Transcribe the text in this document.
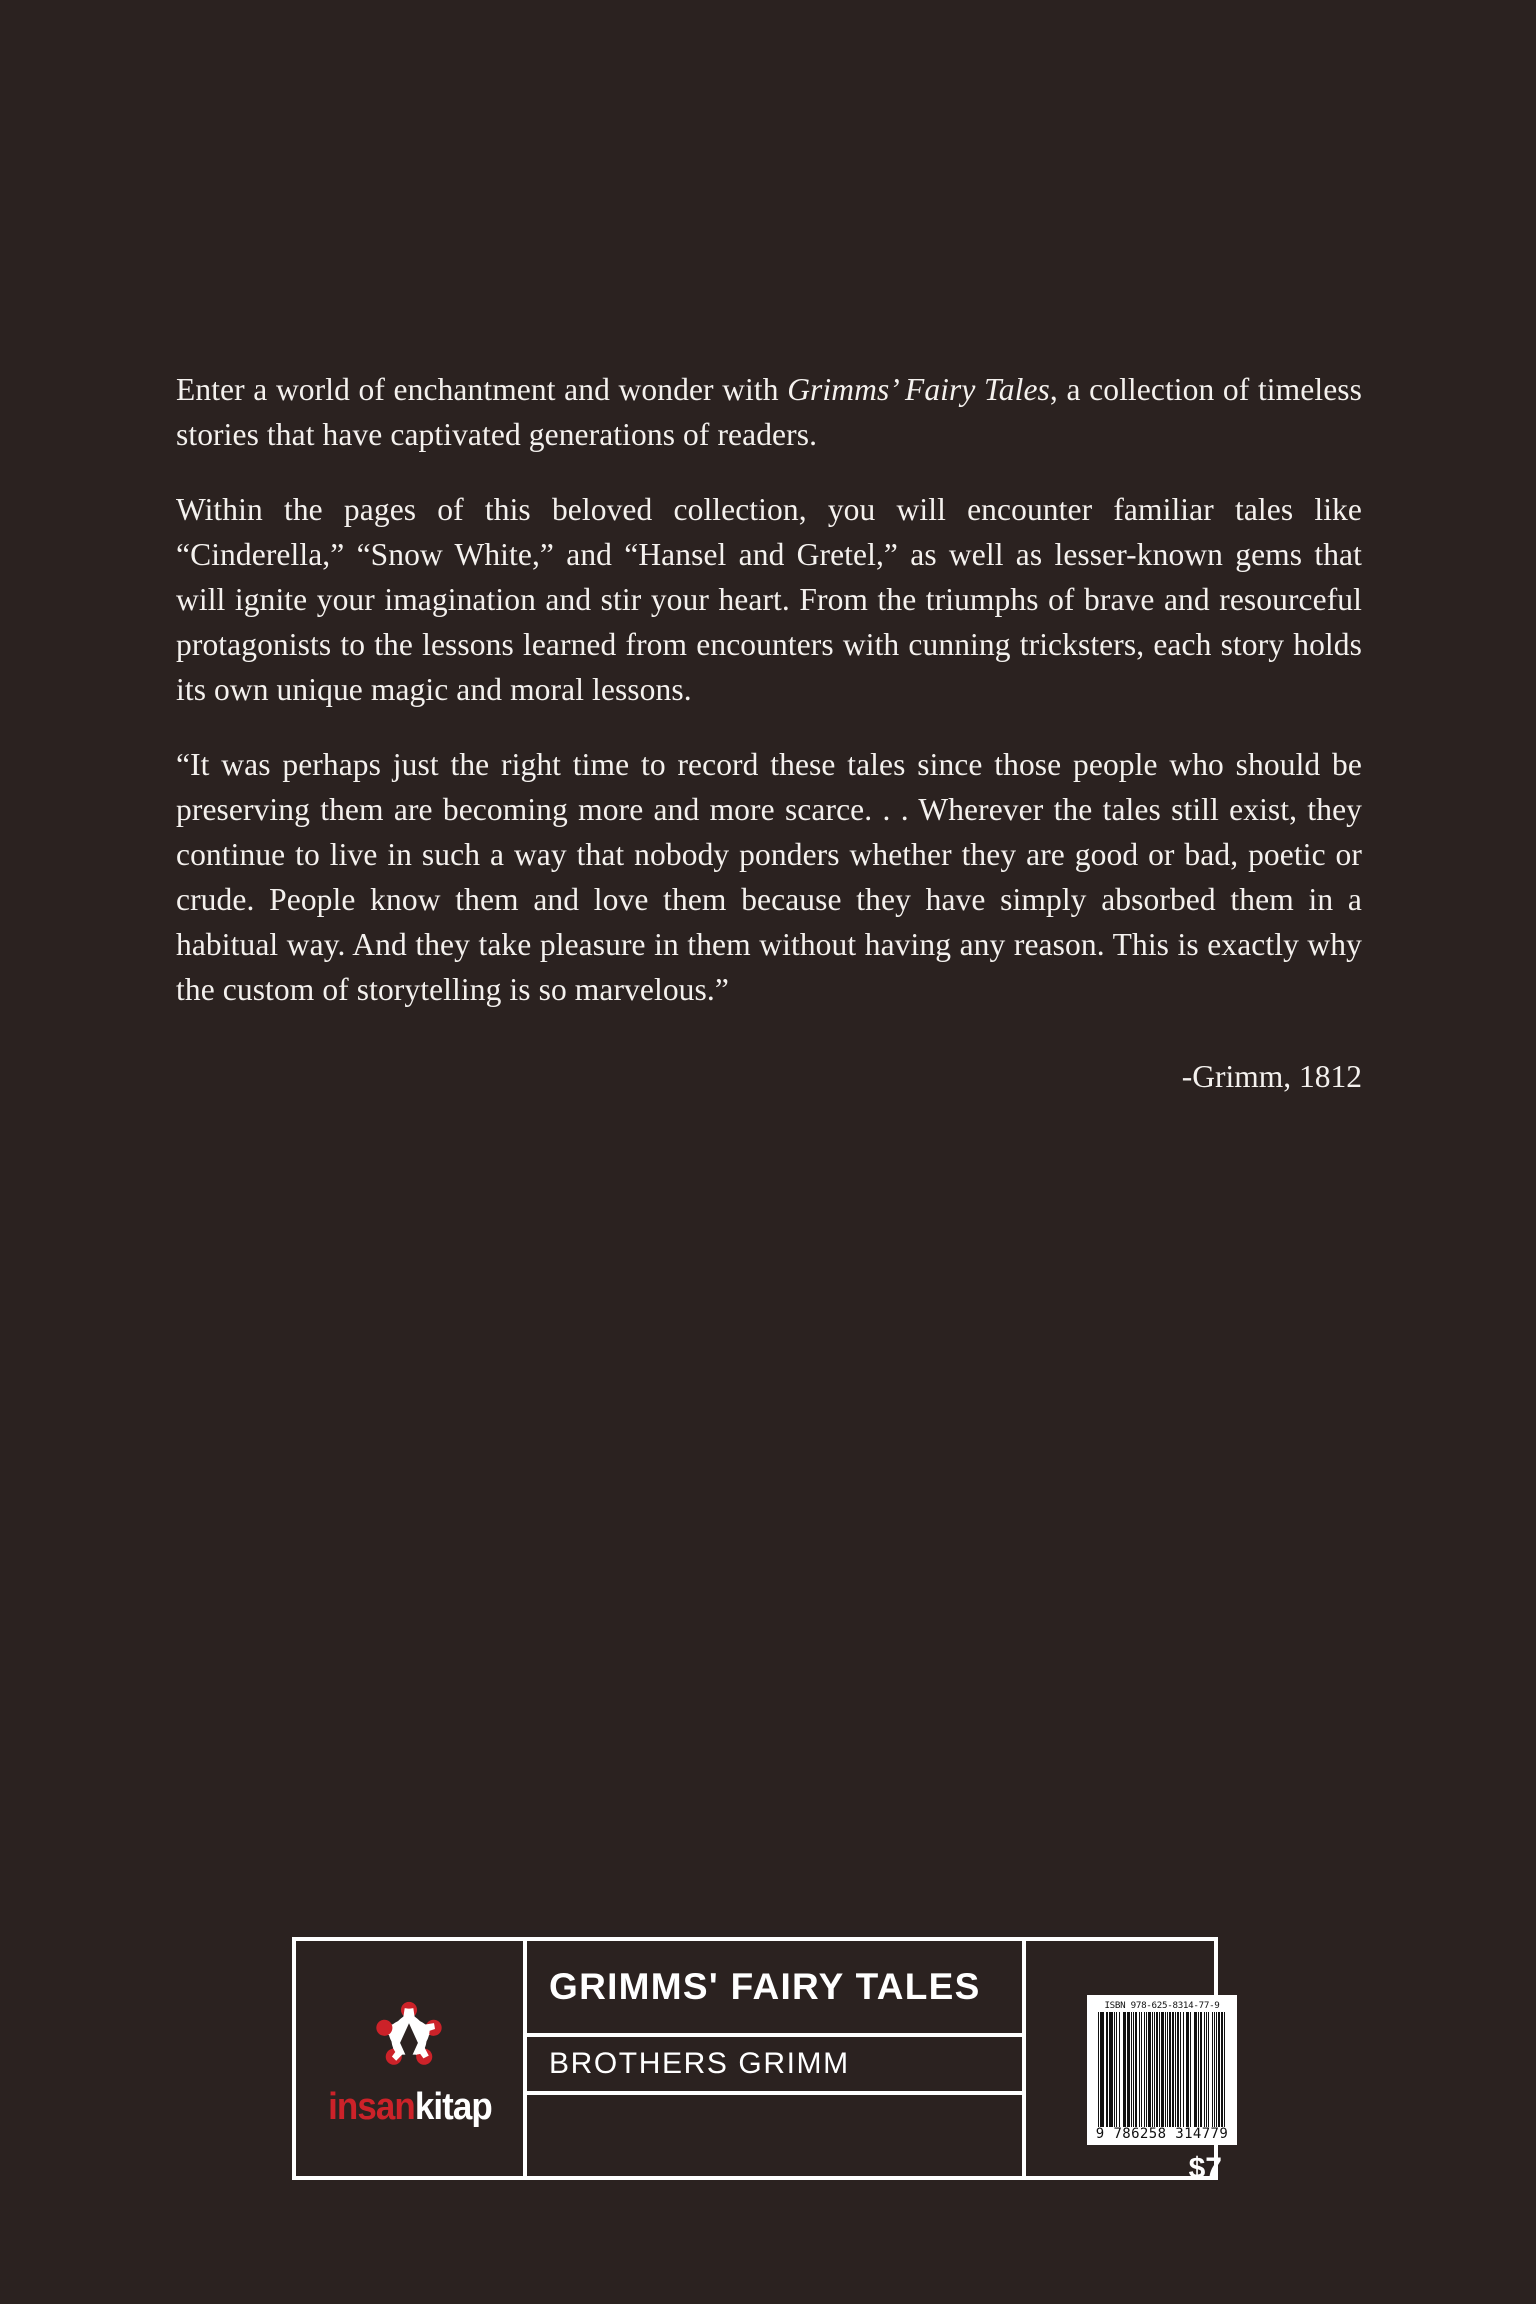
Enter a world of enchantment and wonder with Grimms’ Fairy Tales, a collection of timeless stories that have captivated generations of readers.

Within the pages of this beloved collection, you will encounter familiar tales like “Cinderella,” “Snow White,” and “Hansel and Gretel,” as well as lesser-known gems that will ignite your imagination and stir your heart. From the triumphs of brave and resourceful protagonists to the lessons learned from encounters with cunning tricksters, each story holds its own unique magic and moral lessons.

“It was perhaps just the right time to record these tales since those people who should be preserving them are becoming more and more scarce. . . Wherever the tales still exist, they continue to live in such a way that nobody ponders whether they are good or bad, poetic or crude. People know them and love them because they have simply absorbed them in a habitual way. And they take pleasure in them without having any reason. This is exactly why the custom of storytelling is so marvelous.”

-Grimm, 1812
insankitap
GRIMMS' FAIRY TALES
BROTHERS GRIMM
ISBN 978-625-8314-77-9
9 786258 314779
$7
